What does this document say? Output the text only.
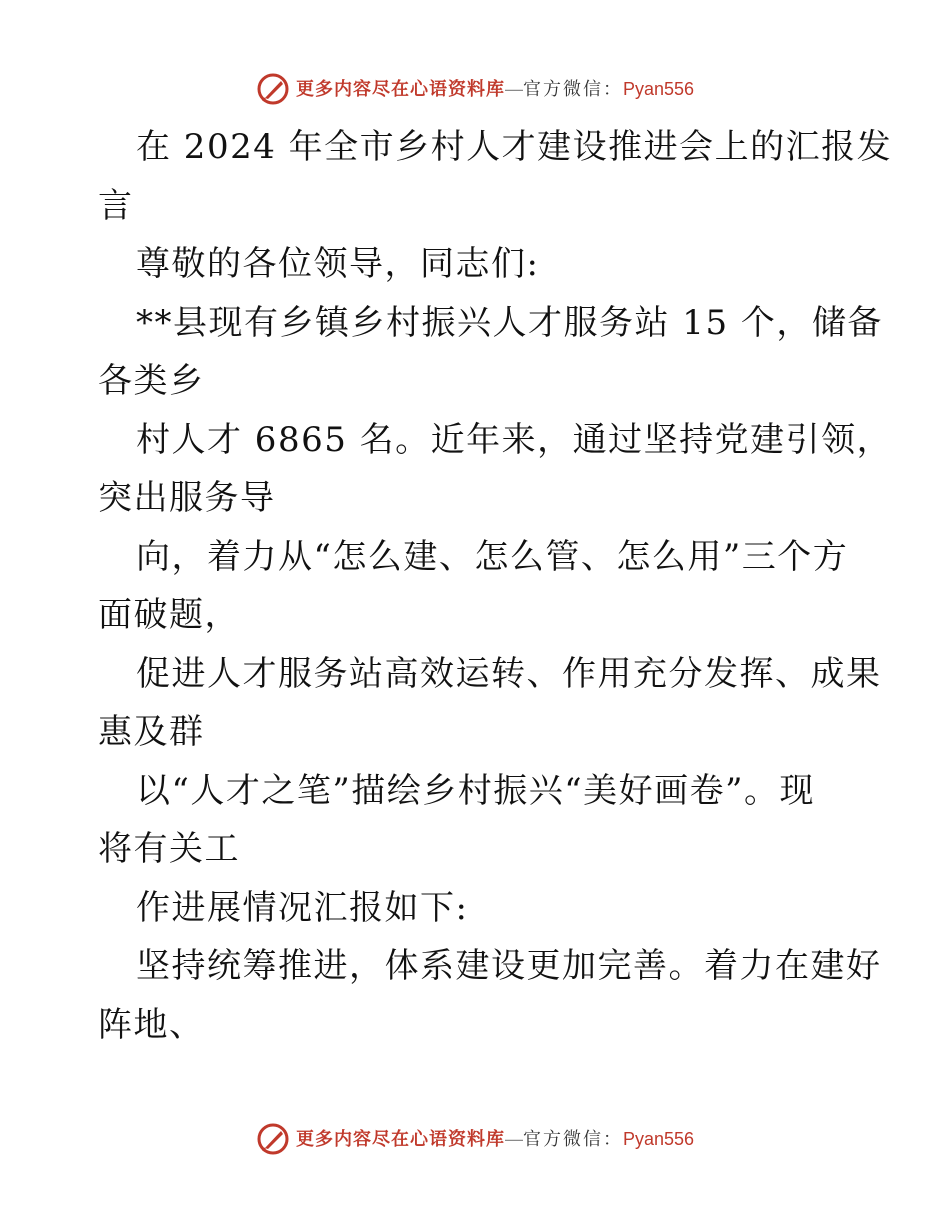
更多内容尽在心语资料库 — 官方微信： Pyan556
在 2024 年全市乡村人才建设推进会上的汇报发
言
尊敬的各位领导，同志们:
**县现有乡镇乡村振兴人才服务站 15 个，储备
各类乡
村人才 6865 名。近年来，通过坚持党建引领，
突出服务导
向，着力从“怎么建、怎么管、怎么用”三个方
面破题，
促进人才服务站高效运转、作用充分发挥、成果
惠及群
以“人才之笔”描绘乡村振兴“美好画卷”。现
将有关工
作进展情况汇报如下:
坚持统筹推进，体系建设更加完善。着力在建好
阵地、
更多内容尽在心语资料库 — 官方微信： Pyan556
